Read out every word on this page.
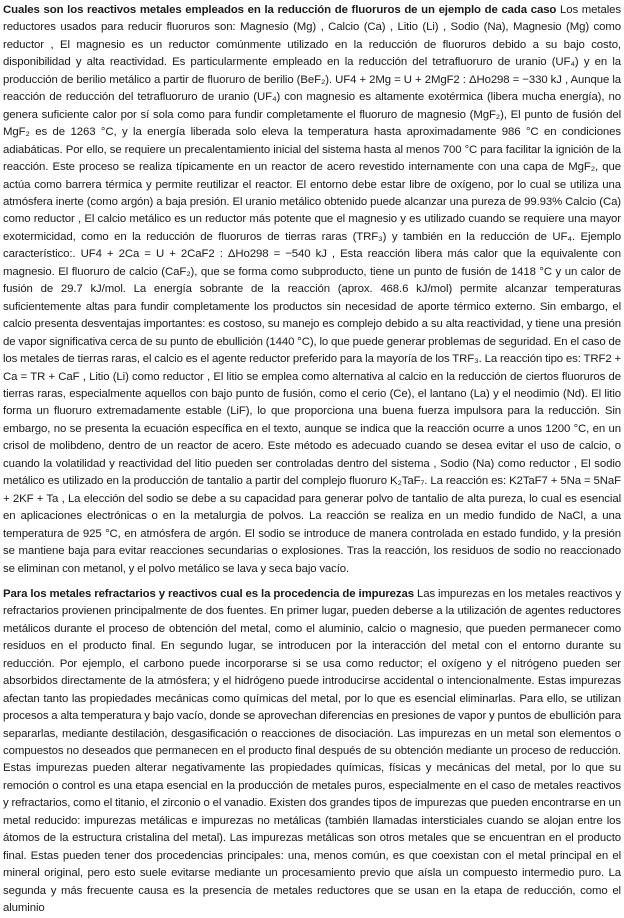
Cuales son los reactivos metales empleados en la reducción de fluoruros de un ejemplo de cada caso Los metales reductores usados para reducir fluoruros son: Magnesio (Mg) , Calcio (Ca) , Litio (Li) , Sodio (Na), Magnesio (Mg) como reductor , El magnesio es un reductor comúnmente utilizado en la reducción de fluoruros debido a su bajo costo, disponibilidad y alta reactividad. Es particularmente empleado en la reducción del tetrafluoruro de uranio (UF₄) y en la producción de berilio metálico a partir de fluoruro de berilio (BeF₂). UF4 + 2Mg = U + 2MgF2 : ΔHo298 = −330 kJ , Aunque la reacción de reducción del tetrafluoruro de uranio (UF₄) con magnesio es altamente exotérmica (libera mucha energía), no genera suficiente calor por sí sola como para fundir completamente el fluoruro de magnesio (MgF₂), El punto de fusión del MgF₂ es de 1263 °C, y la energía liberada solo eleva la temperatura hasta aproximadamente 986 °C en condiciones adiabáticas. Por ello, se requiere un precalentamiento inicial del sistema hasta al menos 700 °C para facilitar la ignición de la reacción. Este proceso se realiza típicamente en un reactor de acero revestido internamente con una capa de MgF₂, que actúa como barrera térmica y permite reutilizar el reactor. El entorno debe estar libre de oxígeno, por lo cual se utiliza una atmósfera inerte (como argón) a baja presión. El uranio metálico obtenido puede alcanzar una pureza de 99.93% Calcio (Ca) como reductor , El calcio metálico es un reductor más potente que el magnesio y es utilizado cuando se requiere una mayor exotermicidad, como en la reducción de fluoruros de tierras raras (TRF₃) y también en la reducción de UF₄. Ejemplo característico:. UF4 + 2Ca = U + 2CaF2 : ΔHo298 = −540 kJ , Esta reacción libera más calor que la equivalente con magnesio. El fluoruro de calcio (CaF₂), que se forma como subproducto, tiene un punto de fusión de 1418 °C y un calor de fusión de 29.7 kJ/mol. La energía sobrante de la reacción (aprox. 468.6 kJ/mol) permite alcanzar temperaturas suficientemente altas para fundir completamente los productos sin necesidad de aporte térmico externo. Sin embargo, el calcio presenta desventajas importantes: es costoso, su manejo es complejo debido a su alta reactividad, y tiene una presión de vapor significativa cerca de su punto de ebullición (1440 °C), lo que puede generar problemas de seguridad. En el caso de los metales de tierras raras, el calcio es el agente reductor preferido para la mayoría de los TRF₃. La reacción tipo es: TRF2 + Ca = TR + CaF , Litio (Li) como reductor , El litio se emplea como alternativa al calcio en la reducción de ciertos fluoruros de tierras raras, especialmente aquellos con bajo punto de fusión, como el cerio (Ce), el lantano (La) y el neodimio (Nd). El litio forma un fluoruro extremadamente estable (LiF), lo que proporciona una buena fuerza impulsora para la reducción. Sin embargo, no se presenta la ecuación específica en el texto, aunque se indica que la reacción ocurre a unos 1200 °C, en un crisol de molibdeno, dentro de un reactor de acero. Este método es adecuado cuando se desea evitar el uso de calcio, o cuando la volatilidad y reactividad del litio pueden ser controladas dentro del sistema , Sodio (Na) como reductor , El sodio metálico es utilizado en la producción de tantalio a partir del complejo fluoruro K₂TaF₇. La reacción es: K2TaF7 + 5Na = 5NaF + 2KF + Ta , La elección del sodio se debe a su capacidad para generar polvo de tantalio de alta pureza, lo cual es esencial en aplicaciones electrónicas o en la metalurgia de polvos. La reacción se realiza en un medio fundido de NaCl, a una temperatura de 925 °C, en atmósfera de argón. El sodio se introduce de manera controlada en estado fundido, y la presión se mantiene baja para evitar reacciones secundarias o explosiones. Tras la reacción, los residuos de sodio no reaccionado se eliminan con metanol, y el polvo metálico se lava y seca bajo vacío.

Para los metales refractarios y reactivos cual es la procedencia de impurezas Las impurezas en los metales reactivos y refractarios provienen principalmente de dos fuentes. En primer lugar, pueden deberse a la utilización de agentes reductores metálicos durante el proceso de obtención del metal, como el aluminio, calcio o magnesio, que pueden permanecer como residuos en el producto final. En segundo lugar, se introducen por la interacción del metal con el entorno durante su reducción. Por ejemplo, el carbono puede incorporarse si se usa como reductor; el oxígeno y el nitrógeno pueden ser absorbidos directamente de la atmósfera; y el hidrógeno puede introducirse accidental o intencionalmente. Estas impurezas afectan tanto las propiedades mecánicas como químicas del metal, por lo que es esencial eliminarlas. Para ello, se utilizan procesos a alta temperatura y bajo vacío, donde se aprovechan diferencias en presiones de vapor y puntos de ebullición para separarlas, mediante destilación, desgasificación o reacciones de disociación. Las impurezas en un metal son elementos o compuestos no deseados que permanecen en el producto final después de su obtención mediante un proceso de reducción. Estas impurezas pueden alterar negativamente las propiedades químicas, físicas y mecánicas del metal, por lo que su remoción o control es una etapa esencial en la producción de metales puros, especialmente en el caso de metales reactivos y refractarios, como el titanio, el zirconio o el vanadio. Existen dos grandes tipos de impurezas que pueden encontrarse en un metal reducido: impurezas metálicas e impurezas no metálicas (también llamadas intersticiales cuando se alojan entre los átomos de la estructura cristalina del metal). Las impurezas metálicas son otros metales que se encuentran en el producto final. Estas pueden tener dos procedencias principales: una, menos común, es que coexistan con el metal principal en el mineral original, pero esto suele evitarse mediante un procesamiento previo que aísla un compuesto intermedio puro. La segunda y más frecuente causa es la presencia de metales reductores que se usan en la etapa de reducción, como el aluminio
